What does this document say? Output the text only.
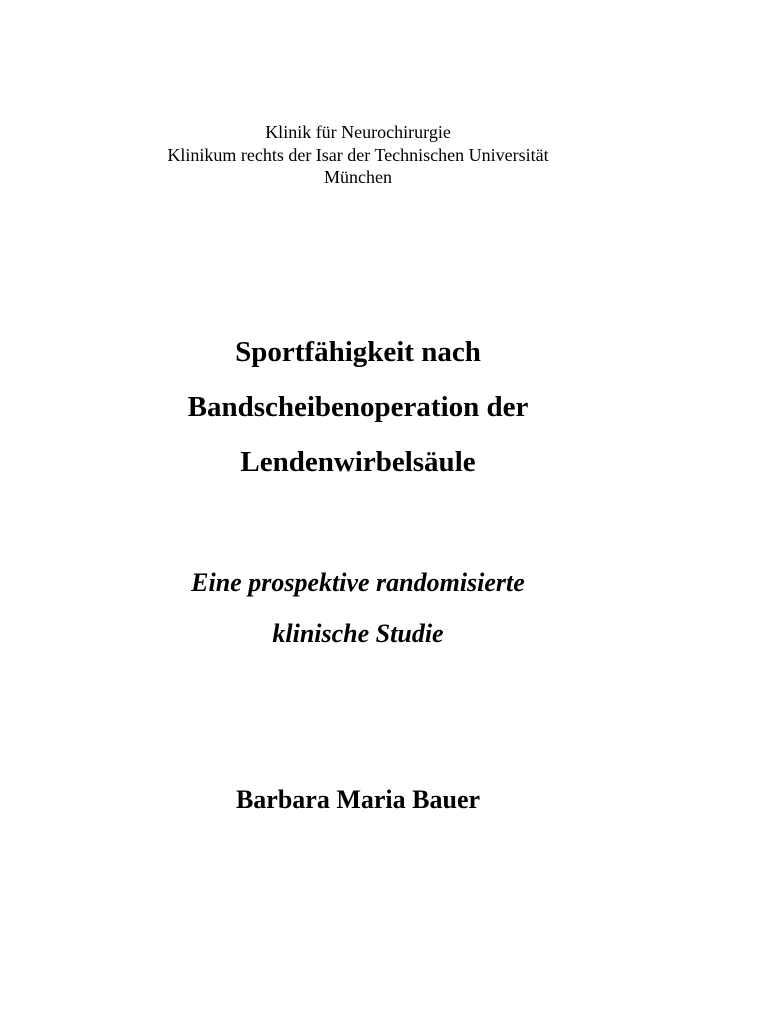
Klinik für Neurochirurgie
Klinikum rechts der Isar der Technischen Universität
München
Sportfähigkeit nach
Bandscheibenoperation der
Lendenwirbelsäule
Eine prospektive randomisierte
klinische Studie
Barbara Maria Bauer
